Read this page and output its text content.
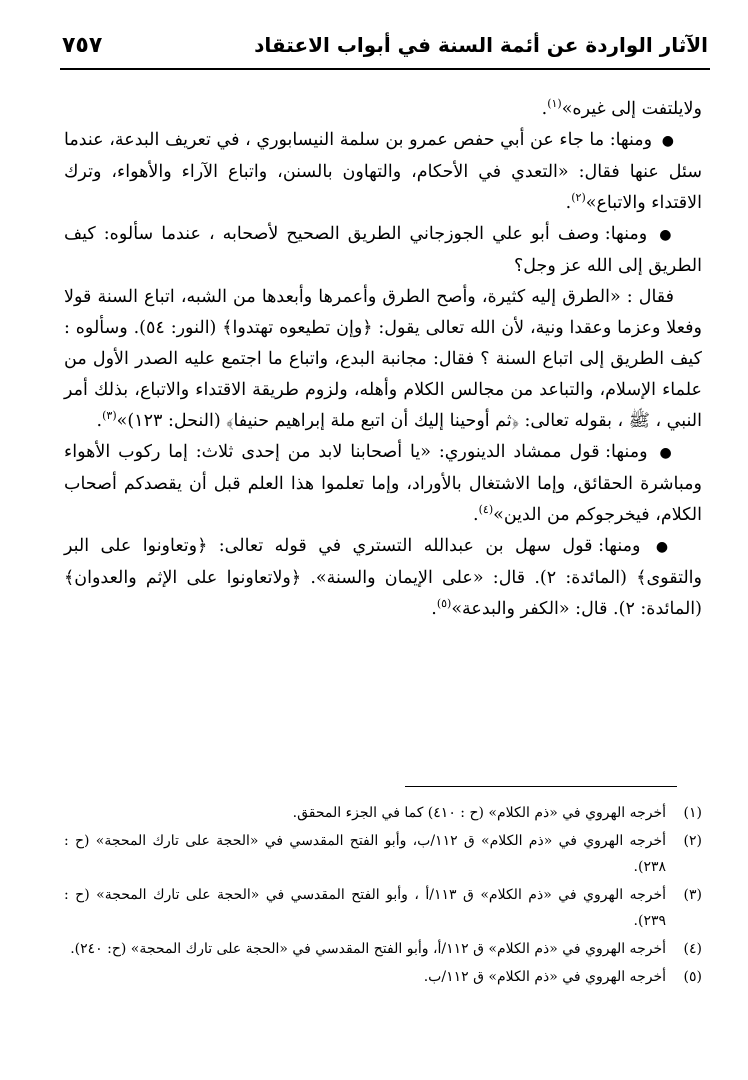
الآثار الواردة عن أئمة السنة في أبواب الاعتقاد
٧٥٧

ولايلتفت إلى غيره»$^{(١)}$.

● ومنها: ما جاء عن أبي حفص عمرو بن سلمة النيسابوري ، في تعريف البدعة، عندما سئل عنها فقال: «التعدي في الأحكام، والتهاون بالسنن، واتباع الآراء والأهواء، وترك الاقتداء والاتباع»$^{(٢)}$.

● ومنها: وصف أبو علي الجوزجاني الطريق الصحيح لأصحابه ، عندما سألوه: كيف الطريق إلى الله عز وجل؟

فقال : «الطرق إليه كثيرة، وأصح الطرق وأعمرها وأبعدها من الشبه، اتباع السنة قولا وفعلا وعزما وعقدا ونية، لأن الله تعالى يقول: ﴿وإن تطيعوه تهتدوا﴾ (النور: ٥٤). وسألوه : كيف الطريق إلى اتباع السنة ؟ فقال: مجانبة البدع، واتباع ما اجتمع عليه الصدر الأول من علماء الإسلام، والتباعد من مجالس الكلام وأهله، ولزوم طريقة الاقتداء والاتباع، بذلك أمر النبي ، ﷺ ، بقوله تعالى: ﴿ثم أوحينا إليك أن اتبع ملة إبراهيم حنيفا﴾ (النحل: ١٢٣)»$^{(٣)}$.

● ومنها: قول ممشاد الدينوري: «يا أصحابنا لابد من إحدى ثلاث: إما ركوب الأهواء ومباشرة الحقائق، وإما الاشتغال بالأوراد، وإما تعلموا هذا العلم قبل أن يقصدكم أصحاب الكلام، فيخرجوكم من الدين»$^{(٤)}$.

● ومنها: قول سهل بن عبدالله التستري في قوله تعالى: ﴿وتعاونوا على البر والتقوى﴾ (المائدة: ٢). قال: «على الإيمان والسنة». ﴿ولاتعاونوا على الإثم والعدوان﴾ (المائدة: ٢). قال: «الكفر والبدعة»$^{(٥)}$.

(١)
أخرجه الهروي في «ذم الكلام» (ح : ٤١٠) كما في الجزء المحقق.
(٢)
أخرجه الهروي في «ذم الكلام» ق ١١٢/ب، وأبو الفتح المقدسي في «الحجة على تارك المحجة» (ح : ٢٣٨).
(٣)
أخرجه الهروي في «ذم الكلام» ق ١١٣/أ ، وأبو الفتح المقدسي في «الحجة على تارك المحجة» (ح : ٢٣٩).
(٤)
أخرجه الهروي في «ذم الكلام» ق ١١٢/أ، وأبو الفتح المقدسي في «الحجة على تارك المحجة» (ح: ٢٤٠).
(٥)
أخرجه الهروي في «ذم الكلام» ق ١١٢/ب.
